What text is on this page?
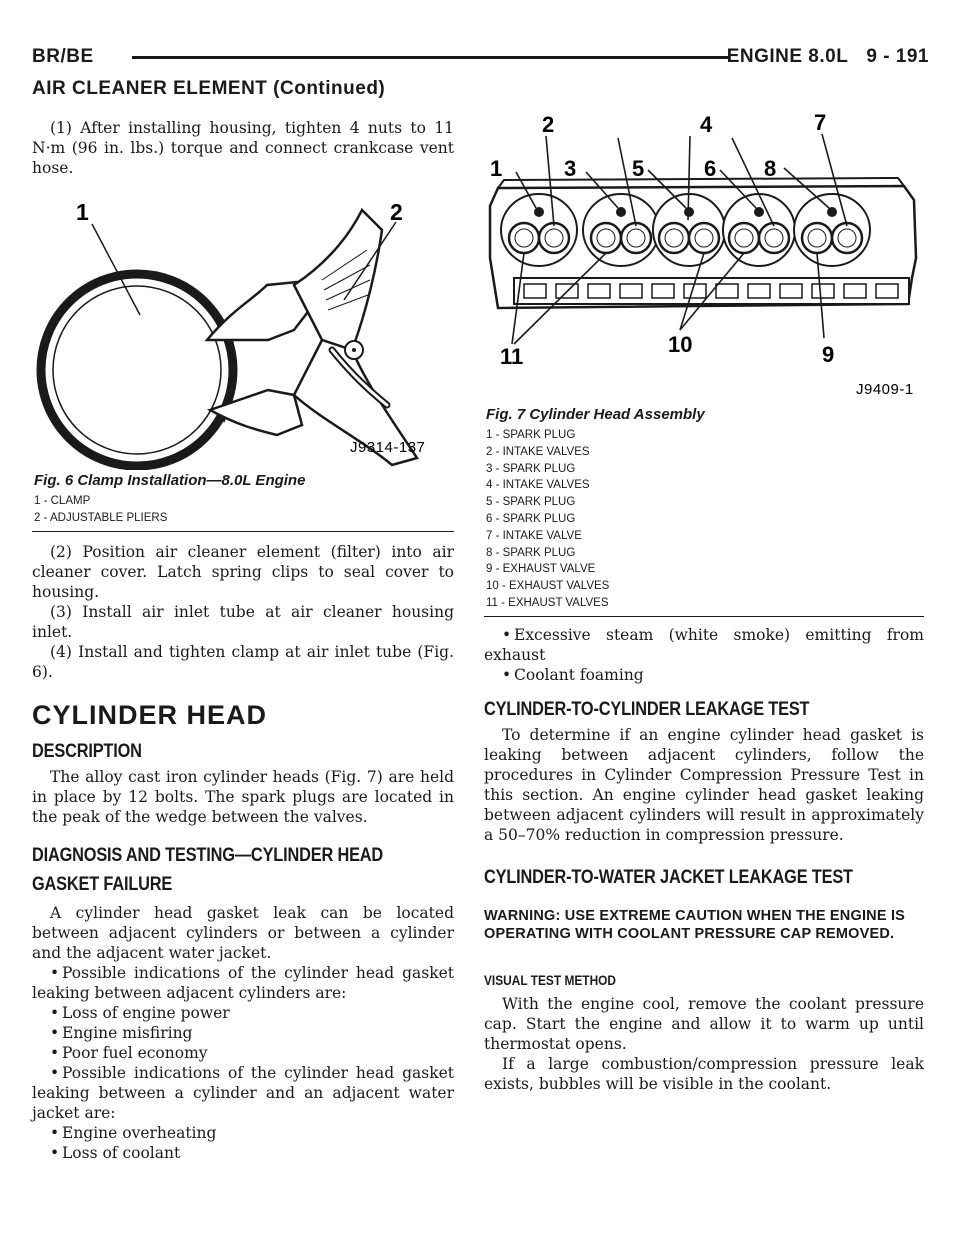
BR/BE	ENGINE 8.0L 9 - 191
AIR CLEANER ELEMENT (Continued)

(1) After installing housing, tighten 4 nuts to 11 N·m (96 in. lbs.) torque and connect crankcase vent hose.

1	2
J9314-137
Fig. 6 Clamp Installation—8.0L Engine
1 - CLAMP
2 - ADJUSTABLE PLIERS

(2) Position air cleaner element (filter) into air cleaner cover. Latch spring clips to seal cover to housing.

(3) Install air inlet tube at air cleaner housing inlet.

(4) Install and tighten clamp at air inlet tube (Fig. 6).

CYLINDER HEAD
DESCRIPTION

The alloy cast iron cylinder heads (Fig. 7) are held in place by 12 bolts. The spark plugs are located in the peak of the wedge between the valves.

DIAGNOSIS AND TESTING—CYLINDER HEAD
GASKET FAILURE

A cylinder head gasket leak can be located between adjacent cylinders or between a cylinder and the adjacent water jacket.

• Possible indications of the cylinder head gasket leaking between adjacent cylinders are:

• Loss of engine power

• Engine misfiring

• Poor fuel economy

• Possible indications of the cylinder head gasket leaking between a cylinder and an adjacent water jacket are:

• Engine overheating

• Loss of coolant

1
2
3
4
5	6
7
8
9
10
11
J9409-1
Fig. 7 Cylinder Head Assembly
1 - SPARK PLUG
2 - INTAKE VALVES
3 - SPARK PLUG
4 - INTAKE VALVES
5 - SPARK PLUG
6 - SPARK PLUG
7 - INTAKE VALVE
8 - SPARK PLUG
9 - EXHAUST VALVE
10 - EXHAUST VALVES
11 - EXHAUST VALVES

• Excessive steam (white smoke) emitting from exhaust

• Coolant foaming

CYLINDER-TO-CYLINDER LEAKAGE TEST

To determine if an engine cylinder head gasket is leaking between adjacent cylinders, follow the procedures in Cylinder Compression Pressure Test in this section. An engine cylinder head gasket leaking between adjacent cylinders will result in approximately a 50–70% reduction in compression pressure.

CYLINDER-TO-WATER JACKET LEAKAGE TEST
WARNING: USE EXTREME CAUTION WHEN THE ENGINE IS OPERATING WITH COOLANT PRESSURE CAP REMOVED.
VISUAL TEST METHOD

With the engine cool, remove the coolant pressure cap. Start the engine and allow it to warm up until thermostat opens.

If a large combustion/compression pressure leak exists, bubbles will be visible in the coolant.
